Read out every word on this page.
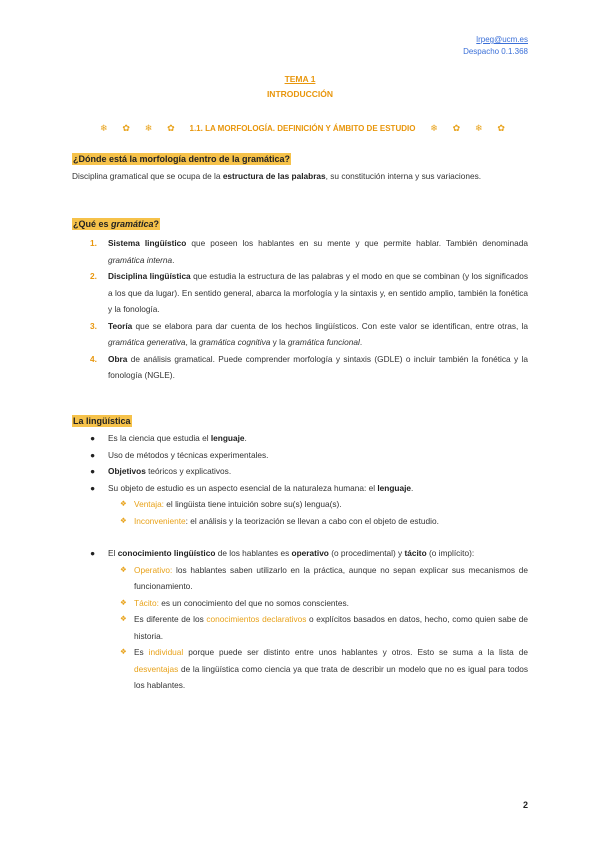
lrpeg@ucm.es
Despacho 0.1.368
TEMA 1
INTRODUCCIÓN
❄ ✿ ❄ ✿ 1.1. LA MORFOLOGÍA. DEFINICIÓN Y ÁMBITO DE ESTUDIO ❄ ✿ ❄ ✿
¿Dónde está la morfología dentro de la gramática?
Disciplina gramatical que se ocupa de la estructura de las palabras, su constitución interna y sus variaciones.
¿Qué es gramática?
1. Sistema lingüístico que poseen los hablantes en su mente y que permite hablar. También denominada gramática interna.
2. Disciplina lingüística que estudia la estructura de las palabras y el modo en que se combinan (y los significados a los que da lugar). En sentido general, abarca la morfología y la sintaxis y, en sentido amplio, también la fonética y la fonología.
3. Teoría que se elabora para dar cuenta de los hechos lingüísticos. Con este valor se identifican, entre otras, la gramática generativa, la gramática cognitiva y la gramática funcional.
4. Obra de análisis gramatical. Puede comprender morfología y sintaxis (GDLE) o incluir también la fonética y la fonología (NGLE).
La lingüística
● Es la ciencia que estudia el lenguaje.
● Uso de métodos y técnicas experimentales.
● Objetivos teóricos y explicativos.
● Su objeto de estudio es un aspecto esencial de la naturaleza humana: el lenguaje.
❖ Ventaja: el lingüista tiene intuición sobre su(s) lengua(s).
❖ Inconveniente: el análisis y la teorización se llevan a cabo con el objeto de estudio.
● El conocimiento lingüístico de los hablantes es operativo (o procedimental) y tácito (o implícito):
❖ Operativo: los hablantes saben utilizarlo en la práctica, aunque no sepan explicar sus mecanismos de funcionamiento.
❖ Tácito: es un conocimiento del que no somos conscientes.
❖ Es diferente de los conocimientos declarativos o explícitos basados en datos, hecho, como quien sabe de historia.
❖ Es individual porque puede ser distinto entre unos hablantes y otros. Esto se suma a la lista de desventajas de la lingüística como ciencia ya que trata de describir un modelo que no es igual para todos los hablantes.
2
